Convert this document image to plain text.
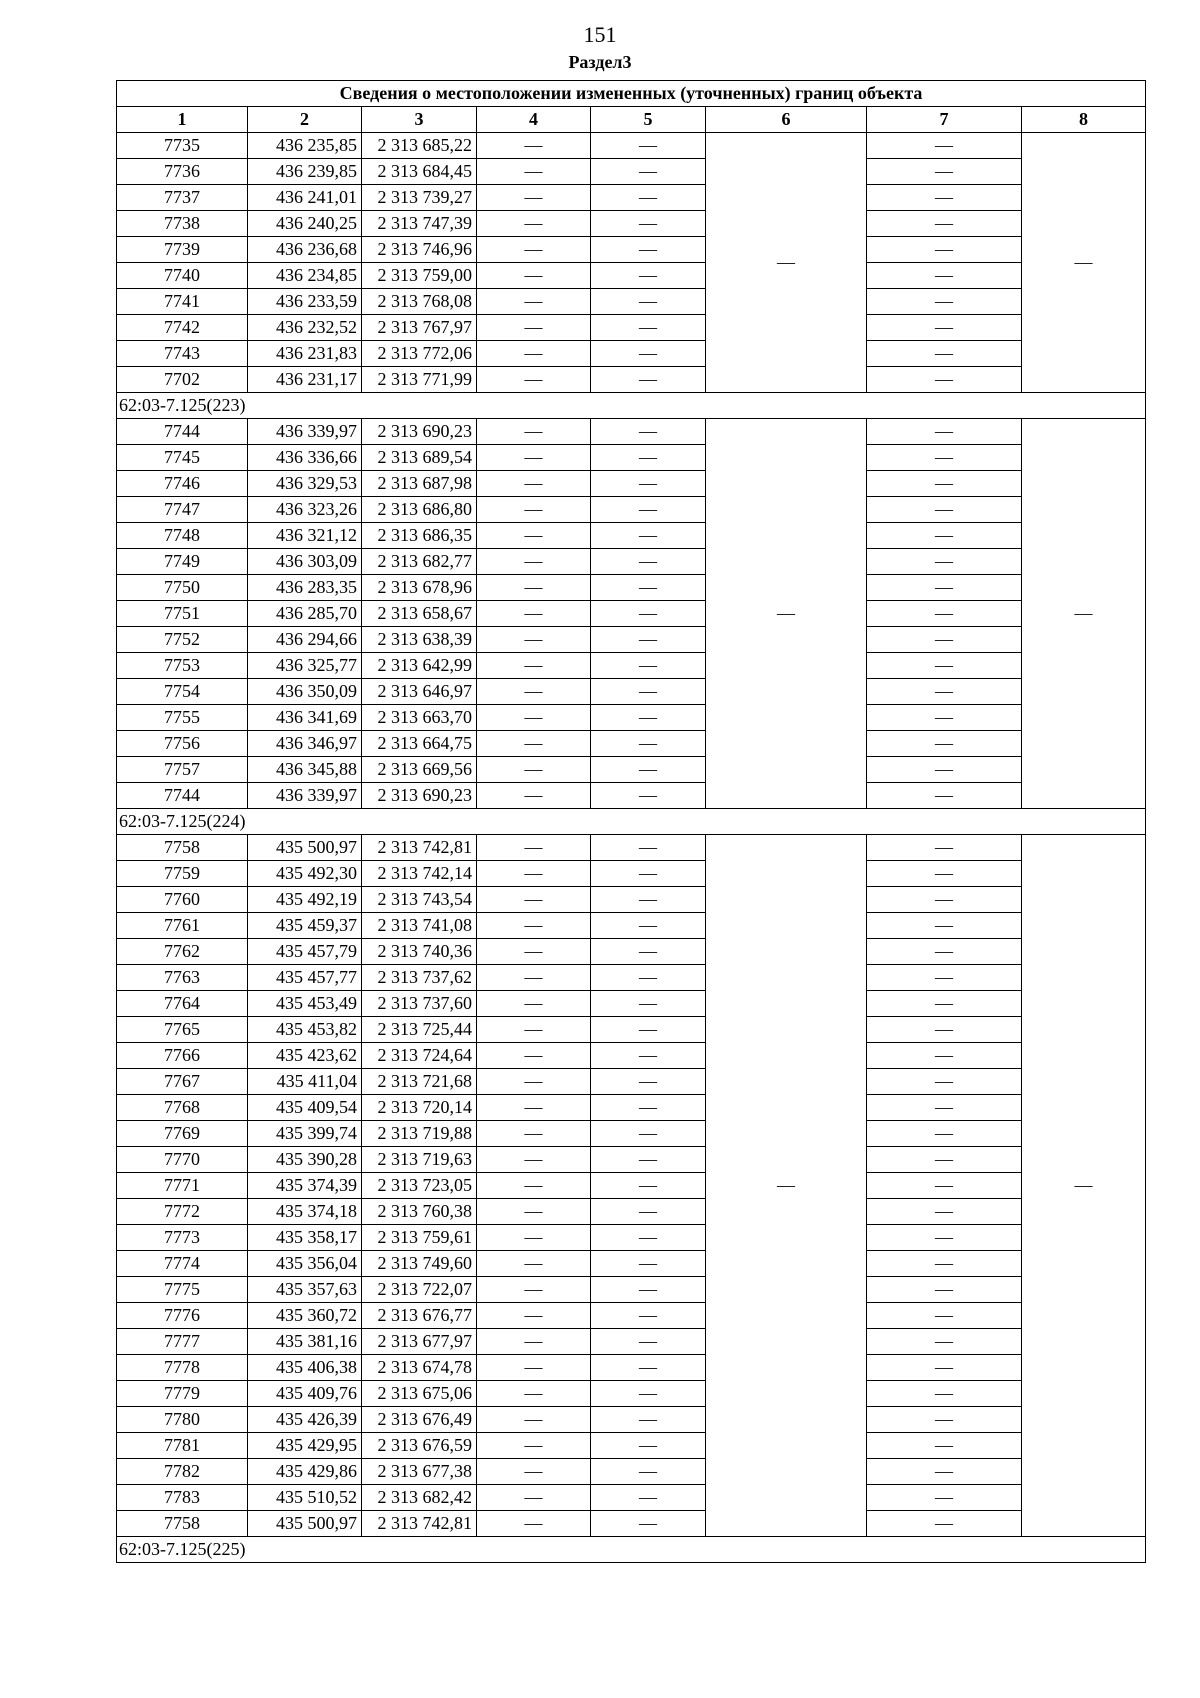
151
Раздел3
Сведения о местоположении измененных (уточненных) границ объекта							
1	2	3	4	5	6	7	8
7735	436 235,85	2 313 685,22	—	—	—	—	—
7736	436 239,85	2 313 684,45	—	—		—	
7737	436 241,01	2 313 739,27	—	—		—	
7738	436 240,25	2 313 747,39	—	—		—	
7739	436 236,68	2 313 746,96	—	—		—	
7740	436 234,85	2 313 759,00	—	—		—	
7741	436 233,59	2 313 768,08	—	—		—	
7742	436 232,52	2 313 767,97	—	—		—	
7743	436 231,83	2 313 772,06	—	—		—	
7702	436 231,17	2 313 771,99	—	—		—	
62:03-7.125(223)							
7744	436 339,97	2 313 690,23	—	—	—	—	—
7745	436 336,66	2 313 689,54	—	—		—	
7746	436 329,53	2 313 687,98	—	—		—	
7747	436 323,26	2 313 686,80	—	—		—	
7748	436 321,12	2 313 686,35	—	—		—	
7749	436 303,09	2 313 682,77	—	—		—	
7750	436 283,35	2 313 678,96	—	—		—	
7751	436 285,70	2 313 658,67	—	—		—	
7752	436 294,66	2 313 638,39	—	—		—	
7753	436 325,77	2 313 642,99	—	—		—	
7754	436 350,09	2 313 646,97	—	—		—	
7755	436 341,69	2 313 663,70	—	—		—	
7756	436 346,97	2 313 664,75	—	—		—	
7757	436 345,88	2 313 669,56	—	—		—	
7744	436 339,97	2 313 690,23	—	—		—	
62:03-7.125(224)							
7758	435 500,97	2 313 742,81	—	—	—	—	—
7759	435 492,30	2 313 742,14	—	—		—	
7760	435 492,19	2 313 743,54	—	—		—	
7761	435 459,37	2 313 741,08	—	—		—	
7762	435 457,79	2 313 740,36	—	—		—	
7763	435 457,77	2 313 737,62	—	—		—	
7764	435 453,49	2 313 737,60	—	—		—	
7765	435 453,82	2 313 725,44	—	—		—	
7766	435 423,62	2 313 724,64	—	—		—	
7767	435 411,04	2 313 721,68	—	—		—	
7768	435 409,54	2 313 720,14	—	—		—	
7769	435 399,74	2 313 719,88	—	—		—	
7770	435 390,28	2 313 719,63	—	—		—	
7771	435 374,39	2 313 723,05	—	—		—	
7772	435 374,18	2 313 760,38	—	—		—	
7773	435 358,17	2 313 759,61	—	—		—	
7774	435 356,04	2 313 749,60	—	—		—	
7775	435 357,63	2 313 722,07	—	—		—	
7776	435 360,72	2 313 676,77	—	—		—	
7777	435 381,16	2 313 677,97	—	—		—	
7778	435 406,38	2 313 674,78	—	—		—	
7779	435 409,76	2 313 675,06	—	—		—	
7780	435 426,39	2 313 676,49	—	—		—	
7781	435 429,95	2 313 676,59	—	—		—	
7782	435 429,86	2 313 677,38	—	—		—	
7783	435 510,52	2 313 682,42	—	—		—	
7758	435 500,97	2 313 742,81	—	—		—	
62:03-7.125(225)							
